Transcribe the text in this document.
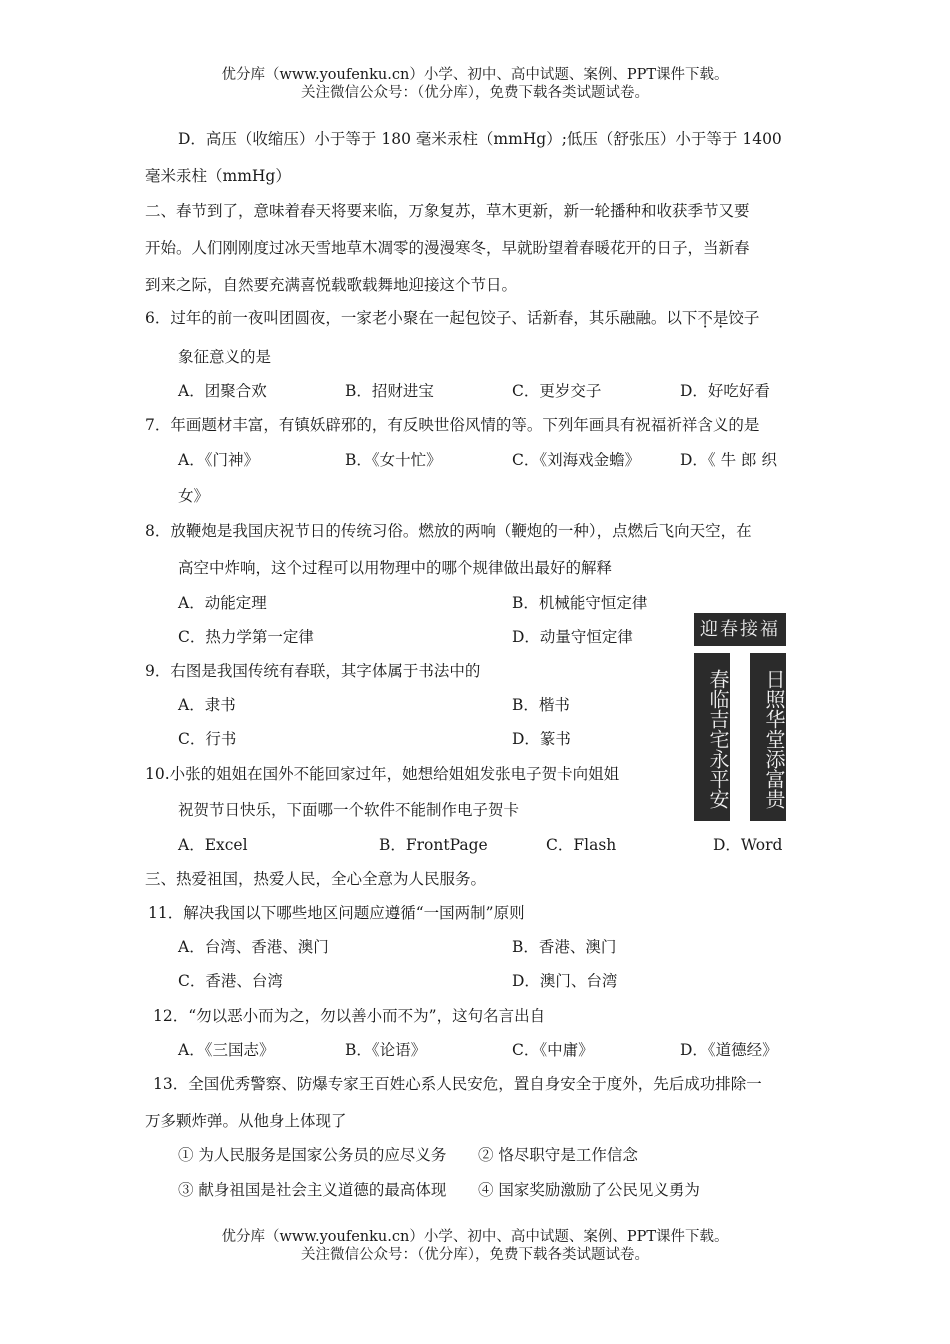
优分库（www.youfenku.cn）小学、初中、高中试题、案例、PPT课件下载。
关注微信公众号：（优分库），免费下载各类试题试卷。
D．高压（收缩压）小于等于 180 毫米汞柱（mmHg）;低压（舒张压）小于等于 1400
毫米汞柱（mmHg）
二、春节到了，意味着春天将要来临，万象复苏，草木更新，新一轮播种和收获季节又要
开始。人们刚刚度过冰天雪地草木凋零的漫漫寒冬，早就盼望着春暖花开的日子，当新春
到来之际，自然要充满喜悦载歌载舞地迎接这个节日。
6．过年的前一夜叫团圆夜，一家老小聚在一起包饺子、话新春，其乐融融。以下不是饺子
象征意义的是
A．团聚合欢	B．招财进宝	C．更岁交子	D．好吃好看
7．年画题材丰富，有镇妖辟邪的，有反映世俗风情的等。下列年画具有祝福祈祥含义的是
A．《门神》	B．《女十忙》	C．《刘海戏金蟾》	D．《 牛 郎 织
女》
8．放鞭炮是我国庆祝节日的传统习俗。燃放的两响（鞭炮的一种），点燃后飞向天空，在
高空中炸响，这个过程可以用物理中的哪个规律做出最好的解释
A．动能定理	B．机械能守恒定律
C．热力学第一定律	D．动量守恒定律	迎春接福
春临吉宅永平安	日照华堂添富贵
9．右图是我国传统有春联，其字体属于书法中的
A．隶书	B．楷书
C．行书	D．篆书
10.小张的姐姐在国外不能回家过年，她想给姐姐发张电子贺卡向姐姐
祝贺节日快乐，下面哪一个软件不能制作电子贺卡
A．Excel	B．FrontPage	C．Flash	D．Word
三、热爱祖国，热爱人民，全心全意为人民服务。
11．解决我国以下哪些地区问题应遵循“一国两制”原则
A．台湾、香港、澳门	B．香港、澳门
C．香港、台湾	D．澳门、台湾
12．“勿以恶小而为之，勿以善小而不为”，这句名言出自
A．《三国志》	B．《论语》	C．《中庸》	D．《道德经》
13．全国优秀警察、防爆专家王百姓心系人民安危，置自身安全于度外，先后成功排除一
万多颗炸弹。从他身上体现了
① 为人民服务是国家公务员的应尽义务 ② 恪尽职守是工作信念
③ 献身祖国是社会主义道德的最高体现 ④ 国家奖励激励了公民见义勇为
优分库（www.youfenku.cn）小学、初中、高中试题、案例、PPT课件下载。
关注微信公众号：（优分库），免费下载各类试题试卷。
